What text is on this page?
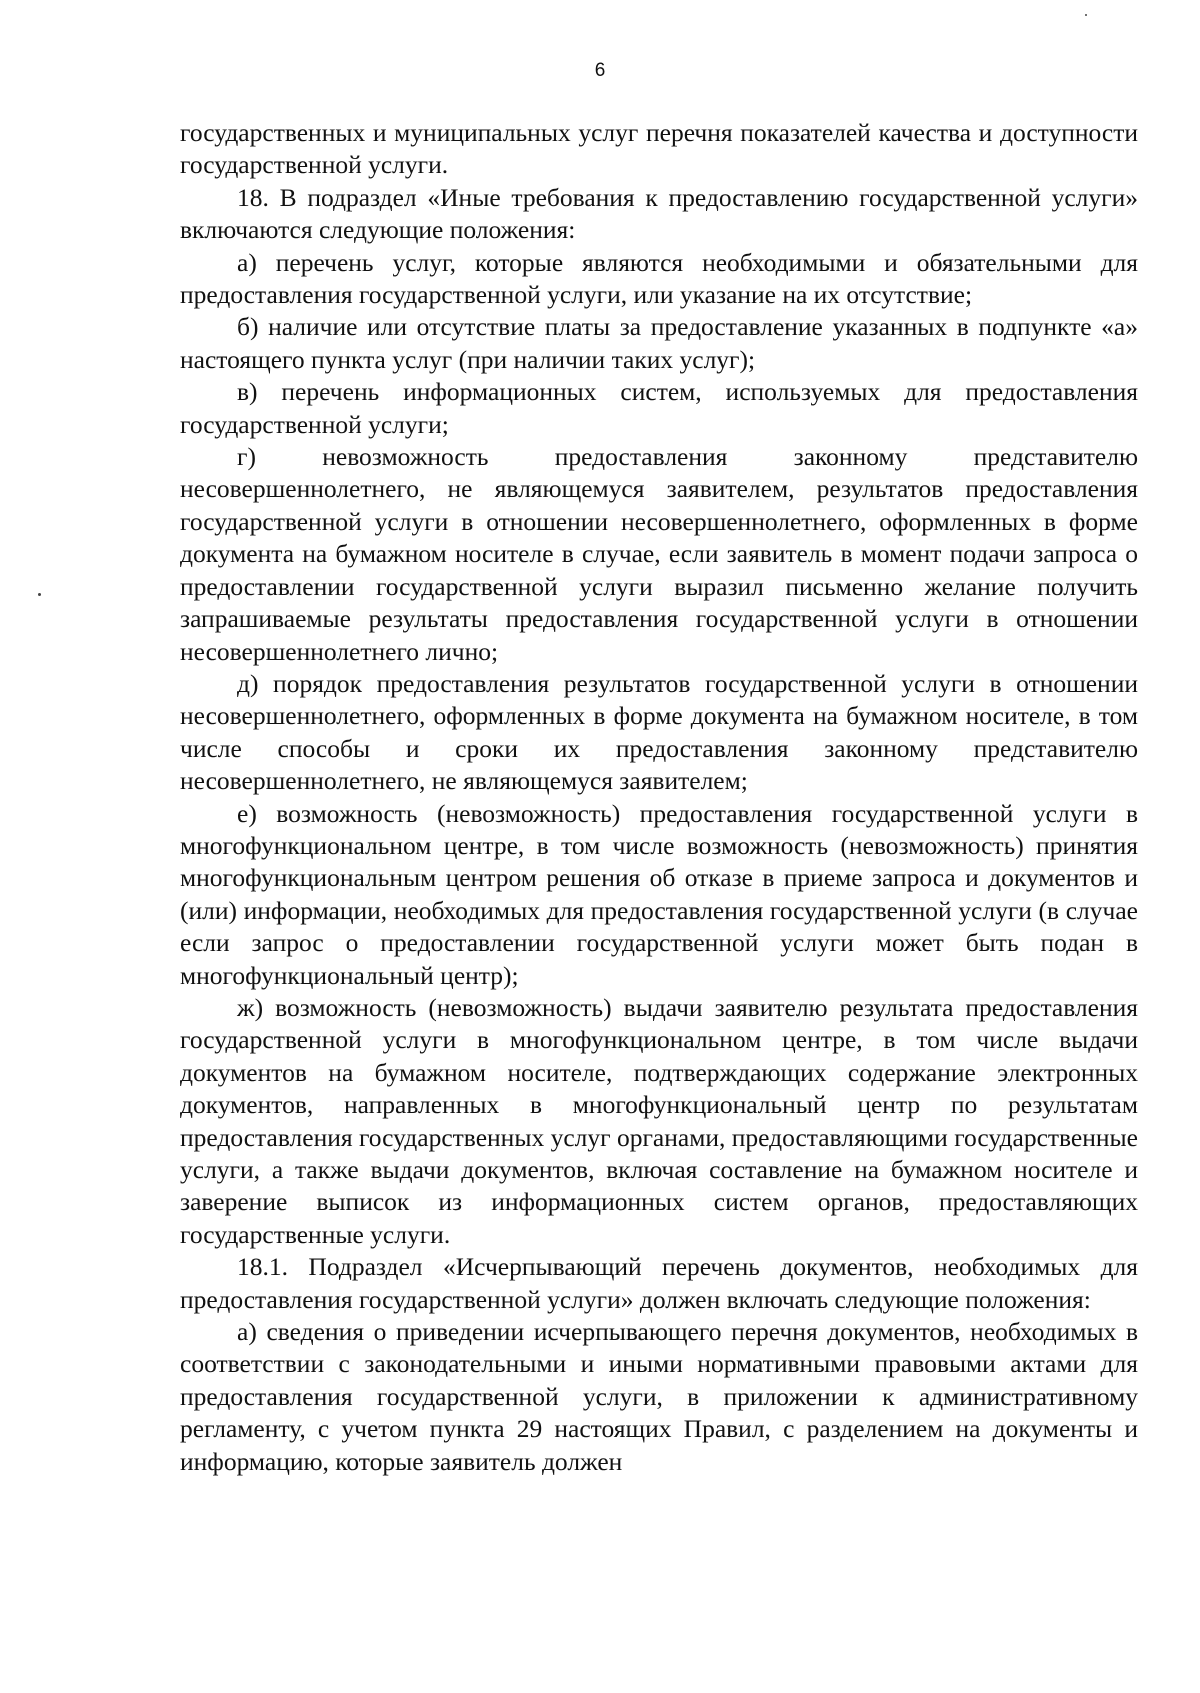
6

государственных и муниципальных услуг перечня показателей качества и доступности государственной услуги.

18. В подраздел «Иные требования к предоставлению государственной услуги» включаются следующие положения:

а) перечень услуг, которые являются необходимыми и обязательными для предоставления государственной услуги, или указание на их отсутствие;

б) наличие или отсутствие платы за предоставление указанных в подпункте «а» настоящего пункта услуг (при наличии таких услуг);

в) перечень информационных систем, используемых для предоставления государственной услуги;

г) невозможность предоставления законному представителю несовершеннолетнего, не являющемуся заявителем, результатов предоставления государственной услуги в отношении несовершеннолетнего, оформленных в форме документа на бумажном носителе в случае, если заявитель в момент подачи запроса о предоставлении государственной услуги выразил письменно желание получить запрашиваемые результаты предоставления государственной услуги в отношении несовершеннолетнего лично;

д) порядок предоставления результатов государственной услуги в отношении несовершеннолетнего, оформленных в форме документа на бумажном носителе, в том числе способы и сроки их предоставления законному представителю несовершеннолетнего, не являющемуся заявителем;

е) возможность (невозможность) предоставления государственной услуги в многофункциональном центре, в том числе возможность (невозможность) принятия многофункциональным центром решения об отказе в приеме запроса и документов и (или) информации, необходимых для предоставления государственной услуги (в случае если запрос о предоставлении государственной услуги может быть подан в многофункциональный центр);

ж) возможность (невозможность) выдачи заявителю результата предоставления государственной услуги в многофункциональном центре, в том числе выдачи документов на бумажном носителе, подтверждающих содержание электронных документов, направленных в многофункциональный центр по результатам предоставления государственных услуг органами, предоставляющими государственные услуги, а также выдачи документов, включая составление на бумажном носителе и заверение выписок из информационных систем органов, предоставляющих государственные услуги.

18.1. Подраздел «Исчерпывающий перечень документов, необходимых для предоставления государственной услуги» должен включать следующие положения:

а) сведения о приведении исчерпывающего перечня документов, необходимых в соответствии с законодательными и иными нормативными правовыми актами для предоставления государственной услуги, в приложении к административному регламенту, с учетом пункта 29 настоящих Правил, с разделением на документы и информацию, которые заявитель должен
